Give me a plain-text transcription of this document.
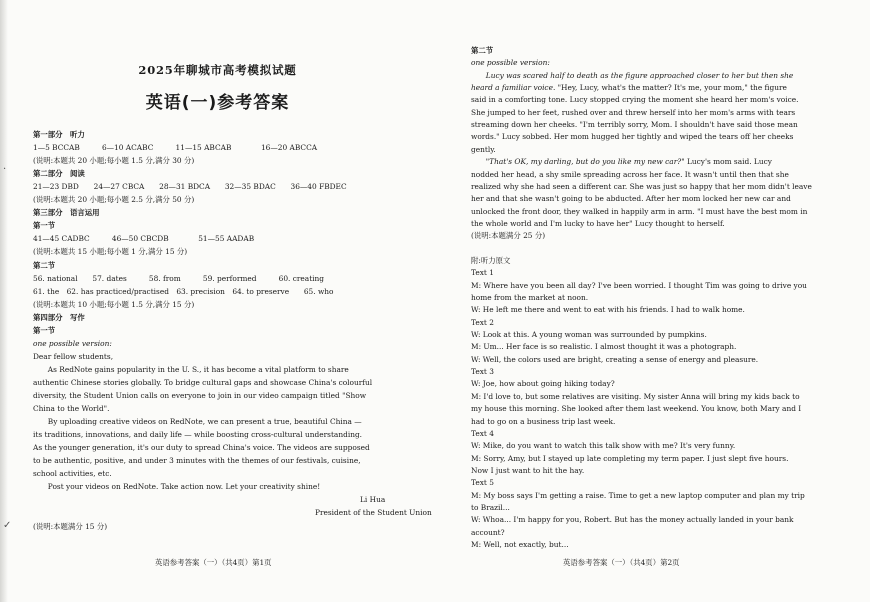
·
✓
2025年聊城市高考模拟试题
英语(一)参考答案
第一部分　听力
1—5 BCCAB　　　6—10 ACABC　　　11—15 ABCAB　　　　16—20 ABCCA
(说明:本题共 20 小题;每小题 1.5 分,满分 30 分)
第二部分　阅读
21—23 DBD　　24—27 CBCA　　28—31 BDCA　　32—35 BDAC　　36—40 FBDEC
(说明:本题共 20 小题;每小题 2.5 分,满分 50 分)
第三部分　语言运用
第一节
41—45 CADBC　　　46—50 CBCDB　　　　51—55 AADAB
(说明:本题共 15 小题;每小题 1 分,满分 15 分)
第二节
56. national　　57. dates　　　58. from　　　59. performed　　　60. creating
61. the　62. has practiced/practised　63. precision　64. to preserve　　65. who
(说明:本题共 10 小题;每小题 1.5 分,满分 15 分)
第四部分　写作
第一节
one possible version:
Dear fellow students,
　　As RedNote gains popularity in the U. S., it has become a vital platform to share
authentic Chinese stories globally. To bridge cultural gaps and showcase China's colourful
diversity, the Student Union calls on everyone to join in our video campaign titled "Show
China to the World".
　　By uploading creative videos on RedNote, we can present a true, beautiful China —
its traditions, innovations, and daily life — while boosting cross-cultural understanding.
As the younger generation, it's our duty to spread China's voice. The videos are supposed
to be authentic, positive, and under 3 minutes with the themes of our festivals, cuisine,
school activities, etc.
　　Post your videos on RedNote. Take action now. Let your creativity shine!
Li Hua
President of the Student Union
(说明:本题满分 15 分)
英语参考答案（一）（共4页）第1页
第二节
one possible version:
　　Lucy was scared half to death as the figure approached closer to her but then she
heard a familiar voice. "Hey, Lucy, what's the matter? It's me, your mom," the figure
said in a comforting tone. Lucy stopped crying the moment she heard her mom's voice.
She jumped to her feet, rushed over and threw herself into her mom's arms with tears
streaming down her cheeks. "I'm terribly sorry, Mom. I shouldn't have said those mean
words." Lucy sobbed. Her mom hugged her tightly and wiped the tears off her cheeks
gently.
　　"That's OK, my darling, but do you like my new car?" Lucy's mom said. Lucy
nodded her head, a shy smile spreading across her face. It wasn't until then that she
realized why she had seen a different car. She was just so happy that her mom didn't leave
her and that she wasn't going to be abducted. After her mom locked her new car and
unlocked the front door, they walked in happily arm in arm. "I must have the best mom in
the whole world and I'm lucky to have her" Lucy thought to herself.
(说明:本题满分 25 分)
附:听力原文
Text 1
M: Where have you been all day? I've been worried. I thought Tim was going to drive you
home from the market at noon.
W: He left me there and went to eat with his friends. I had to walk home.
Text 2
W: Look at this. A young woman was surrounded by pumpkins.
M: Um... Her face is so realistic. I almost thought it was a photograph.
W: Well, the colors used are bright, creating a sense of energy and pleasure.
Text 3
W: Joe, how about going hiking today?
M: I'd love to, but some relatives are visiting. My sister Anna will bring my kids back to
my house this morning. She looked after them last weekend. You know, both Mary and I
had to go on a business trip last week.
Text 4
W: Mike, do you want to watch this talk show with me? It's very funny.
M: Sorry, Amy, but I stayed up late completing my term paper. I just slept five hours.
Now I just want to hit the hay.
Text 5
M: My boss says I'm getting a raise. Time to get a new laptop computer and plan my trip
to Brazil...
W: Whoa... I'm happy for you, Robert. But has the money actually landed in your bank
account?
M: Well, not exactly, but...
英语参考答案（一）（共4页）第2页
